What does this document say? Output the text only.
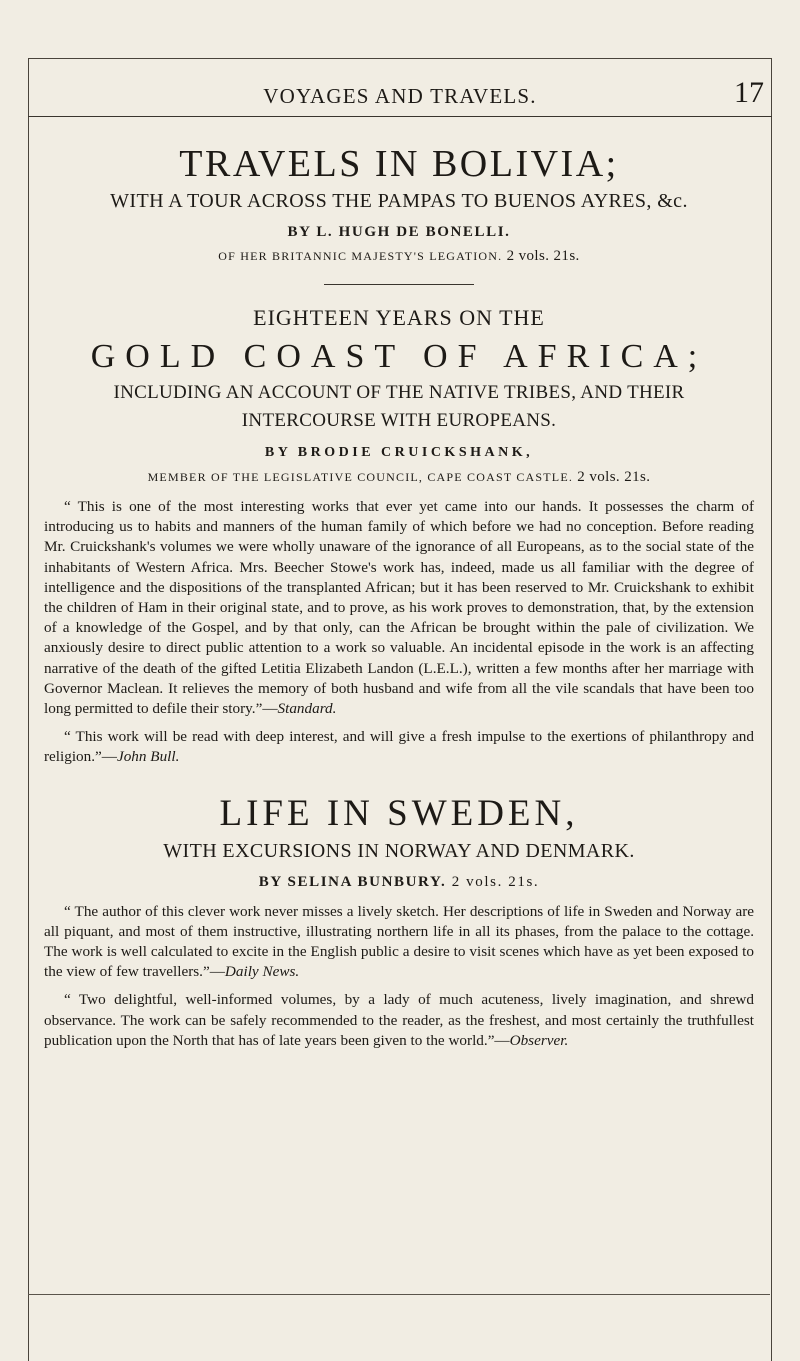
VOYAGES AND TRAVELS.	17

TRAVELS IN BOLIVIA;

WITH A TOUR ACROSS THE PAMPAS TO BUENOS AYRES, &c.

BY L. HUGH DE BONELLI.

OF HER BRITANNIC MAJESTY'S LEGATION. 2 vols. 21s.

EIGHTEEN YEARS ON THE

GOLD COAST OF AFRICA;

INCLUDING AN ACCOUNT OF THE NATIVE TRIBES, AND THEIR

INTERCOURSE WITH EUROPEANS.

BY BRODIE CRUICKSHANK,

MEMBER OF THE LEGISLATIVE COUNCIL, CAPE COAST CASTLE. 2 vols. 21s.

“ This is one of the most interesting works that ever yet came into our hands. It possesses the charm of introducing us to habits and manners of the human family of which before we had no conception. Before reading Mr. Cruickshank's volumes we were wholly unaware of the ignorance of all Europeans, as to the social state of the inhabitants of Western Africa. Mrs. Beecher Stowe's work has, indeed, made us all familiar with the degree of intelligence and the dispositions of the transplanted African; but it has been reserved to Mr. Cruickshank to exhibit the children of Ham in their original state, and to prove, as his work proves to demonstration, that, by the extension of a knowledge of the Gospel, and by that only, can the African be brought within the pale of civilization. We anxiously desire to direct public attention to a work so valuable. An incidental episode in the work is an affecting narrative of the death of the gifted Letitia Elizabeth Landon (L.E.L.), written a few months after her marriage with Governor Maclean. It relieves the memory of both husband and wife from all the vile scandals that have been too long permitted to defile their story.”—Standard.

“ This work will be read with deep interest, and will give a fresh impulse to the exertions of philanthropy and religion.”—John Bull.

LIFE IN SWEDEN,

WITH EXCURSIONS IN NORWAY AND DENMARK.

BY SELINA BUNBURY. 2 vols. 21s.

“ The author of this clever work never misses a lively sketch. Her descriptions of life in Sweden and Norway are all piquant, and most of them instructive, illustrating northern life in all its phases, from the palace to the cottage. The work is well calculated to excite in the English public a desire to visit scenes which have as yet been exposed to the view of few travellers.”—Daily News.

“ Two delightful, well-informed volumes, by a lady of much acuteness, lively imagination, and shrewd observance. The work can be safely recommended to the reader, as the freshest, and most certainly the truthfullest publication upon the North that has of late years been given to the world.”—Observer.
